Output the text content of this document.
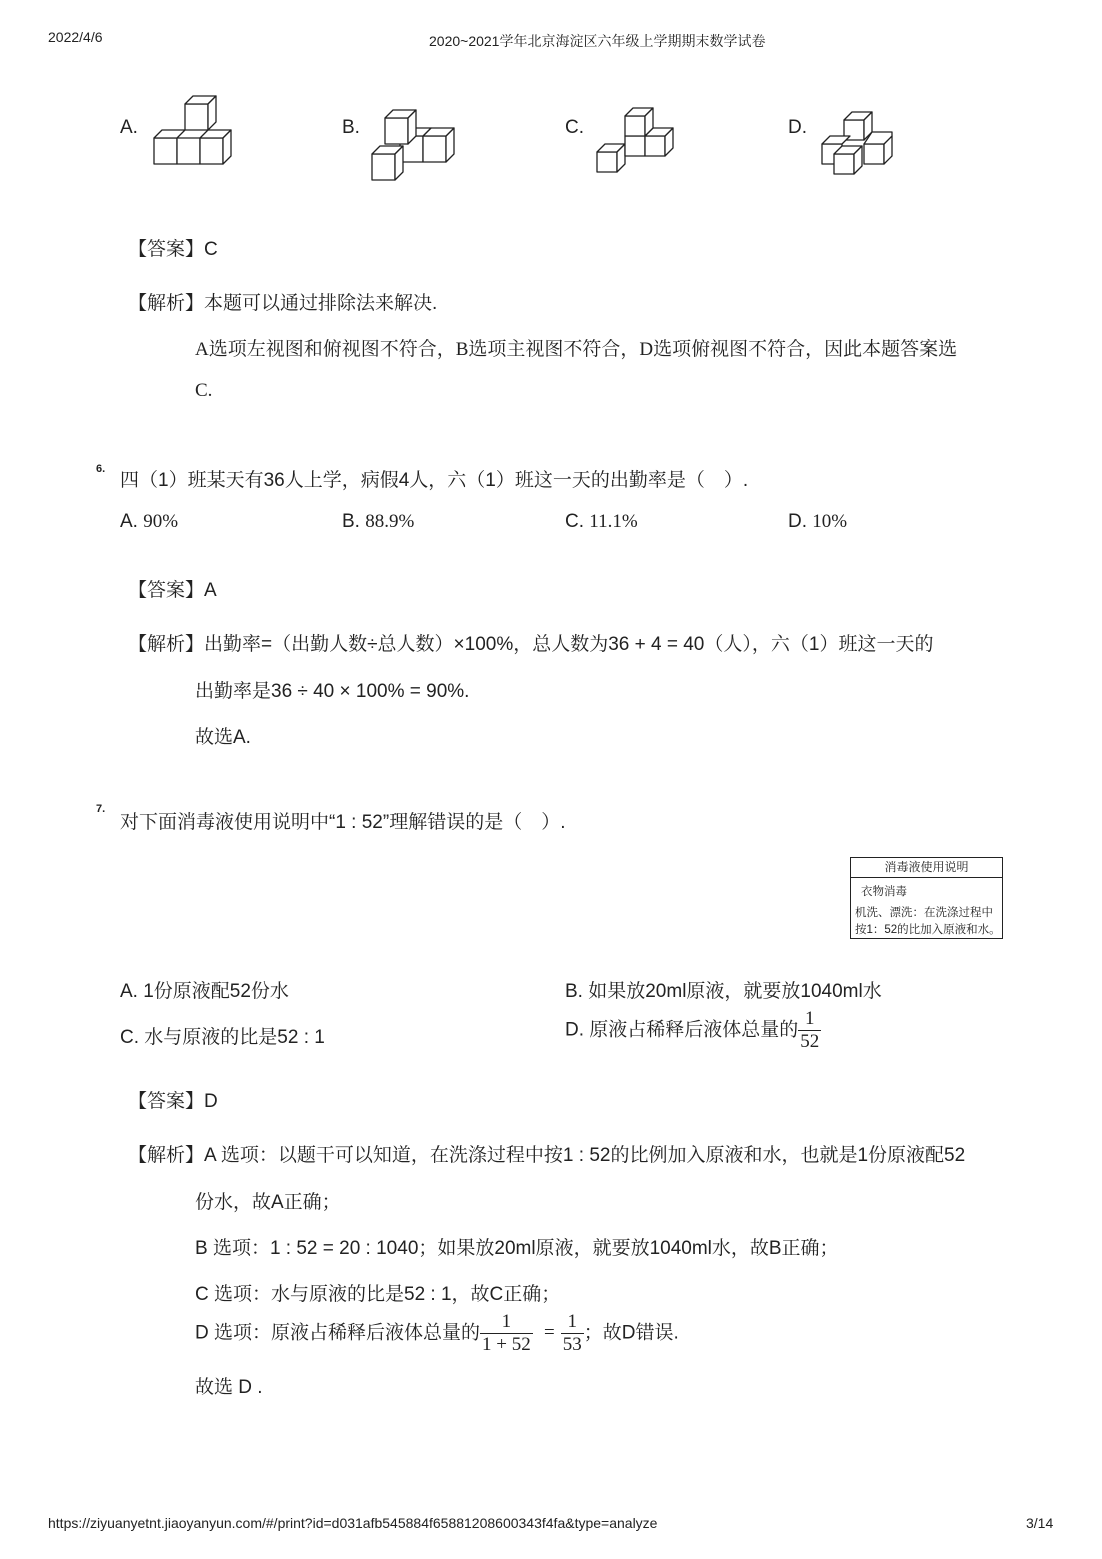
2022/4/6	2020~2021学年北京海淀区六年级上学期期末数学试卷
A.	B.	C.	D.
【答案】C
【解析】本题可以通过排除法来解决.
A选项左视图和俯视图不符合，B选项主视图不符合，D选项俯视图不符合，因此本题答案选
C.
6.
四（1）班某天有36人上学，病假4人，六（1）班这一天的出勤率是（　）.
A. 90%	B. 88.9%	C. 11.1%	D. 10%
【答案】A
【解析】出勤率=（出勤人数÷总人数）×100%，总人数为36 + 4 = 40（人），六（1）班这一天的
出勤率是36 ÷ 40 × 100% = 90%.
故选A.
7.
对下面消毒液使用说明中“1 : 52”理解错误的是（　）.
消毒液使用说明
衣物消毒
机洗、漂洗：在洗涤过程中
按1：52的比加入原液和水。
A. 1份原液配52份水	B. 如果放20ml原液，就要放1040ml水
C. 水与原液的比是52 : 1	D. 原液占稀释后液体总量的 $\frac{1}{52}$
【答案】D
【解析】A 选项：以题干可以知道，在洗涤过程中按1 : 52的比例加入原液和水，也就是1份原液配52
份水，故A正确；
B 选项：1 : 52 = 20 : 1040；如果放20ml原液，就要放1040ml水，故B正确；
C 选项：水与原液的比是52 : 1，故C正确；
D 选项：原液占稀释后液体总量的 $\frac{1}{1 + 52} = \frac{1}{53}$ ；故D错误.
故选 D .
https://ziyuanyetnt.jiaoyanyun.com/#/print?id=d031afb545884f65881208600343f4fa&type=analyze	3/14
